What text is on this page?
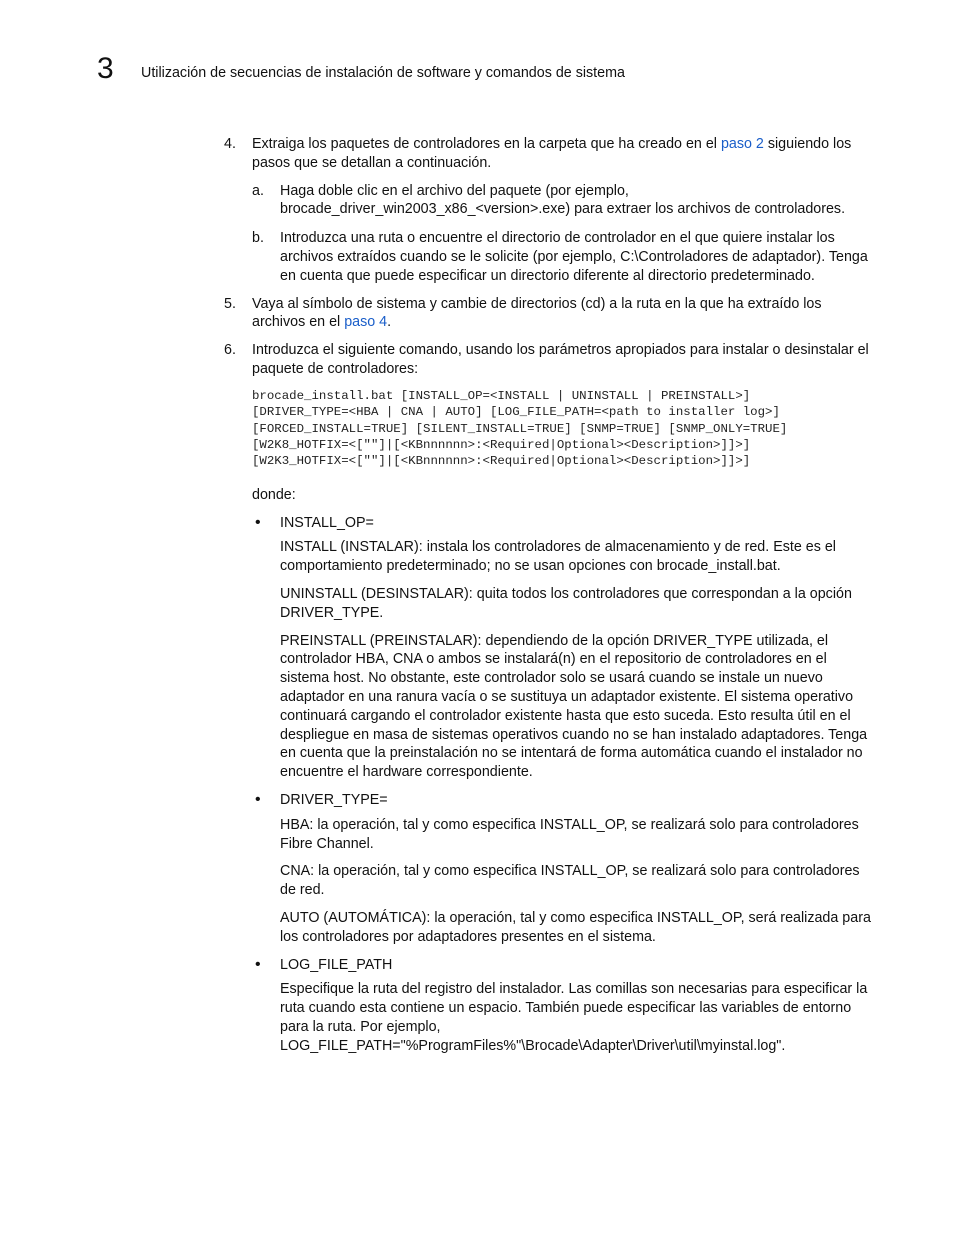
3 Utilización de secuencias de instalación de software y comandos de sistema
4. Extraiga los paquetes de controladores en la carpeta que ha creado en el paso 2 siguiendo los pasos que se detallan a continuación.
a. Haga doble clic en el archivo del paquete (por ejemplo, brocade_driver_win2003_x86_<version>.exe) para extraer los archivos de controladores.
b. Introduzca una ruta o encuentre el directorio de controlador en el que quiere instalar los archivos extraídos cuando se le solicite (por ejemplo, C:\Controladores de adaptador). Tenga en cuenta que puede especificar un directorio diferente al directorio predeterminado.
5. Vaya al símbolo de sistema y cambie de directorios (cd) a la ruta en la que ha extraído los archivos en el paso 4.
6. Introduzca el siguiente comando, usando los parámetros apropiados para instalar o desinstalar el paquete de controladores:
brocade_install.bat [INSTALL_OP=<INSTALL | UNINSTALL | PREINSTALL>]
[DRIVER_TYPE=<HBA | CNA | AUTO] [LOG_FILE_PATH=<path to installer log>]
[FORCED_INSTALL=TRUE] [SILENT_INSTALL=TRUE] [SNMP=TRUE] [SNMP_ONLY=TRUE]
[W2K8_HOTFIX=<[""]|[<KBnnnnnn>:<Required|Optional><Description>]]>]
[W2K3_HOTFIX=<[""]|[<KBnnnnnn>:<Required|Optional><Description>]]>]
donde:
• INSTALL_OP=
INSTALL (INSTALAR): instala los controladores de almacenamiento y de red. Este es el comportamiento predeterminado; no se usan opciones con brocade_install.bat.
UNINSTALL (DESINSTALAR): quita todos los controladores que correspondan a la opción DRIVER_TYPE.
PREINSTALL (PREINSTALAR): dependiendo de la opción DRIVER_TYPE utilizada, el controlador HBA, CNA o ambos se instalará(n) en el repositorio de controladores en el sistema host. No obstante, este controlador solo se usará cuando se instale un nuevo adaptador en una ranura vacía o se sustituya un adaptador existente. El sistema operativo continuará cargando el controlador existente hasta que esto suceda. Esto resulta útil en el despliegue en masa de sistemas operativos cuando no se han instalado adaptadores. Tenga en cuenta que la preinstalación no se intentará de forma automática cuando el instalador no encuentre el hardware correspondiente.
• DRIVER_TYPE=
HBA: la operación, tal y como especifica INSTALL_OP, se realizará solo para controladores Fibre Channel.
CNA: la operación, tal y como especifica INSTALL_OP, se realizará solo para controladores de red.
AUTO (AUTOMÁTICA): la operación, tal y como especifica INSTALL_OP, será realizada para los controladores por adaptadores presentes en el sistema.
• LOG_FILE_PATH
Especifique la ruta del registro del instalador. Las comillas son necesarias para especificar la ruta cuando esta contiene un espacio. También puede especificar las variables de entorno para la ruta. Por ejemplo, LOG_FILE_PATH="%ProgramFiles%"\Brocade\Adapter\Driver\util\myinstal.log".
